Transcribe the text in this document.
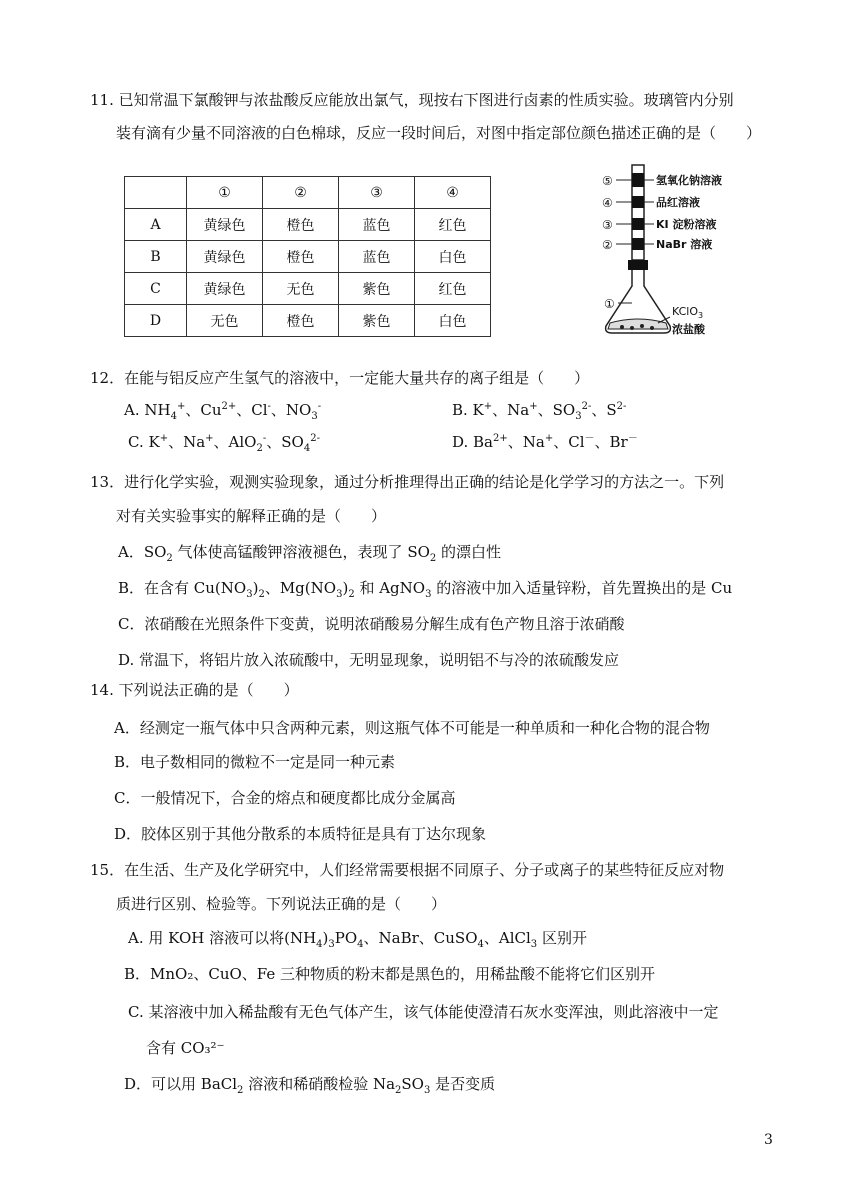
11. 已知常温下氯酸钾与浓盐酸反应能放出氯气，现按右下图进行卤素的性质实验。玻璃管内分别
装有滴有少量不同溶液的白色棉球，反应一段时间后，对图中指定部位颜色描述正确的是（　　）
	①	②	③	④
A	黄绿色	橙色	蓝色	红色
B	黄绿色	橙色	蓝色	白色
C	黄绿色	无色	紫色	红色
D	无色	橙色	紫色	白色
⑤
④
③
②
①
氢氧化钠溶液
品红溶液
KI 淀粉溶液
NaBr 溶液
KClO$_3$
浓盐酸
12．在能与铝反应产生氢气的溶液中，一定能大量共存的离子组是（　　）
A. $NH_4^+$、$Cu^{2+}$、Cl-、$NO_3^-$	B. K+、Na+、$SO_3^{2-}$、$S^{2-}$
C. K+、Na+、AlO$_2$-、$SO_4^{2-}$	D. $Ba^{2+}$、Na+、Cl－、Br－
13．进行化学实验，观测实验现象，通过分析推理得出正确的结论是化学学习的方法之一。下列
对有关实验事实的解释正确的是（　　）
A．$SO_2$ 气体使高锰酸钾溶液褪色，表现了 $SO_2$ 的漂白性
B．在含有 $Cu(NO_3)_2$、$Mg(NO_3)_2$ 和 AgNO$_3$ 的溶液中加入适量锌粉，首先置换出的是 Cu
C．浓硝酸在光照条件下变黄，说明浓硝酸易分解生成有色产物且溶于浓硝酸
D. 常温下，将铝片放入浓硫酸中，无明显现象，说明铝不与冷的浓硫酸发应
14. 下列说法正确的是（　　）
A．经测定一瓶气体中只含两种元素，则这瓶气体不可能是一种单质和一种化合物的混合物
B．电子数相同的微粒不一定是同一种元素
C．一般情况下，合金的熔点和硬度都比成分金属高
D．胶体区别于其他分散系的本质特征是具有丁达尔现象
15．在生活、生产及化学研究中，人们经常需要根据不同原子、分子或离子的某些特征反应对物
质进行区别、检验等。下列说法正确的是（　　）
A. 用 KOH 溶液可以将$(NH_4)_3PO_4$、NaBr、CuSO$_4$、AlCl$_3$ 区别开
B．MnO₂、CuO、Fe 三种物质的粉末都是黑色的，用稀盐酸不能将它们区别开
C. 某溶液中加入稀盐酸有无色气体产生，该气体能使澄清石灰水变浑浊，则此溶液中一定
含有 CO₃²⁻
D．可以用 BaCl$_2$ 溶液和稀硝酸检验 $Na_2SO_3$ 是否变质
3
